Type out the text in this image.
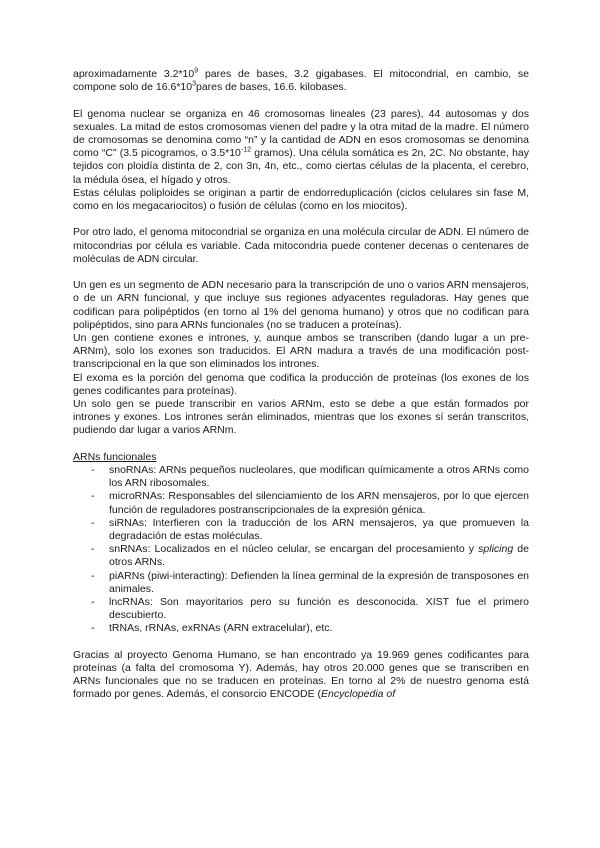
aproximadamente $3.2*10^9$ pares de bases, 3.2 gigabases. El mitocondrial, en cambio, se compone solo de $16.6*10^3pares$ de bases, 16.6. kilobases.

El genoma nuclear se organiza en 46 cromosomas lineales (23 pares), 44 autosomas y dos sexuales. La mitad de estos cromosomas vienen del padre y la otra mitad de la madre. El número de cromosomas se denomina como “n” y la cantidad de ADN en esos cromosomas se denomina como “C” (3.5 picogramos, o $3.5*10^{-12}$ gramos). Una célula somática es 2n, 2C. No obstante, hay tejidos con ploidía distinta de 2, con 3n, 4n, etc., como ciertas células de la placenta, el cerebro, la médula ósea, el hígado y otros.

Estas células poliploides se originan a partir de endorreduplicación (ciclos celulares sin fase M, como en los megacariocitos) o fusión de células (como en los miocitos).

Por otro lado, el genoma mitocondrial se organiza en una molécula circular de ADN. El número de mitocondrias por célula es variable. Cada mitocondria puede contener decenas o centenares de moléculas de ADN circular.

Un gen es un segmento de ADN necesario para la transcripción de uno o varios ARN mensajeros, o de un ARN funcional, y que incluye sus regiones adyacentes reguladoras. Hay genes que codifican para polipéptidos (en torno al 1% del genoma humano) y otros que no codifican para polipéptidos, sino para ARNs funcionales (no se traducen a proteínas).

Un gen contiene exones e intrones, y, aunque ambos se transcriben (dando lugar a un pre-ARNm), solo los exones son traducidos. El ARN madura a través de una modificación post-transcripcional en la que son eliminados los intrones.

El exoma es la porción del genoma que codifica la producción de proteínas (los exones de los genes codificantes para proteínas).

Un solo gen se puede transcribir en varios ARNm, esto se debe a que están formados por intrones y exones. Los intrones serán eliminados, mientras que los exones sí serán transcritos, pudiendo dar lugar a varios ARNm.

ARNs funcionales

- snoRNAs: ARNs pequeños nucleolares, que modifican químicamente a otros ARNs como los ARN ribosomales.
- microRNAs: Responsables del silenciamiento de los ARN mensajeros, por lo que ejercen función de reguladores postranscripcionales de la expresión génica.
- siRNAs: Interfieren con la traducción de los ARN mensajeros, ya que promueven la degradación de estas moléculas.
- snRNAs: Localizados en el núcleo celular, se encargan del procesamiento y splicing de otros ARNs.
- piARNs (piwi-interacting): Defienden la línea germinal de la expresión de transposones en animales.
- lncRNAs: Son mayoritarios pero su función es desconocida. XIST fue el primero descubierto.
- tRNAs, rRNAs, exRNAs (ARN extracelular), etc.

Gracias al proyecto Genoma Humano, se han encontrado ya 19.969 genes codificantes para proteínas (a falta del cromosoma Y). Además, hay otros 20.000 genes que se transcriben en ARNs funcionales que no se traducen en proteínas. En torno al 2% de nuestro genoma está formado por genes. Además, el consorcio ENCODE (Encyclopedia of
